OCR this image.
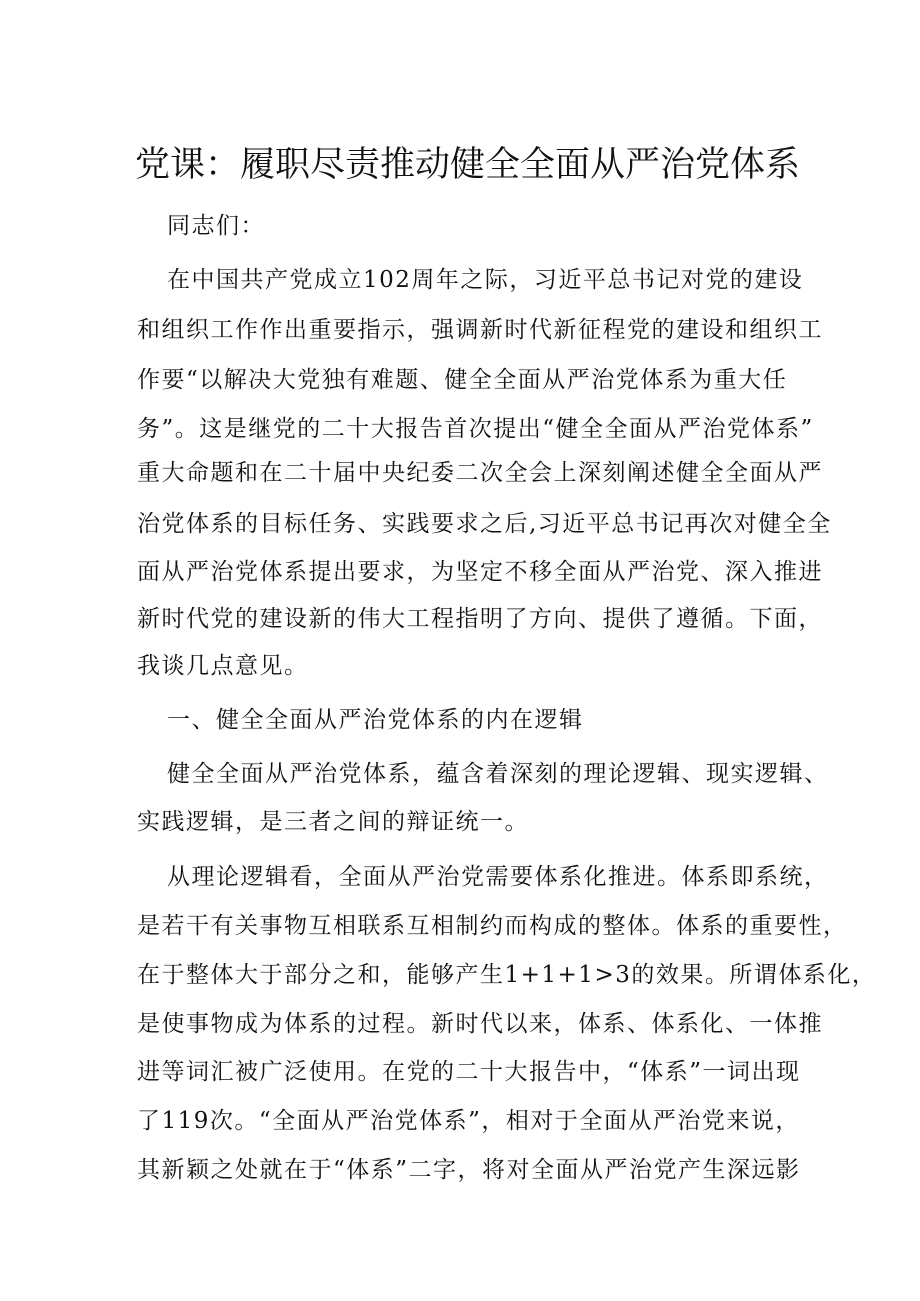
党课：履职尽责推动健全全面从严治党体系
同志们：
在中国共产党成立102周年之际，习近平总书记对党的建设
和组织工作作出重要指示，强调新时代新征程党的建设和组织工
作要“以解决大党独有难题、健全全面从严治党体系为重大任
务”。这是继党的二十大报告首次提出“健全全面从严治党体系”
重大命题和在二十届中央纪委二次全会上深刻阐述健全全面从严
治党体系的目标任务、实践要求之后,习近平总书记再次对健全全
面从严治党体系提出要求，为坚定不移全面从严治党、深入推进
新时代党的建设新的伟大工程指明了方向、提供了遵循。下面，
我谈几点意见。
一、健全全面从严治党体系的内在逻辑
健全全面从严治党体系，蕴含着深刻的理论逻辑、现实逻辑、
实践逻辑，是三者之间的辩证统一。
从理论逻辑看，全面从严治党需要体系化推进。体系即系统，
是若干有关事物互相联系互相制约而构成的整体。体系的重要性，
在于整体大于部分之和，能够产生1+1+1>3的效果。所谓体系化，
是使事物成为体系的过程。新时代以来，体系、体系化、一体推
进等词汇被广泛使用。在党的二十大报告中，“体系”一词出现
了119次。“全面从严治党体系”，相对于全面从严治党来说，
其新颖之处就在于“体系”二字，将对全面从严治党产生深远影
